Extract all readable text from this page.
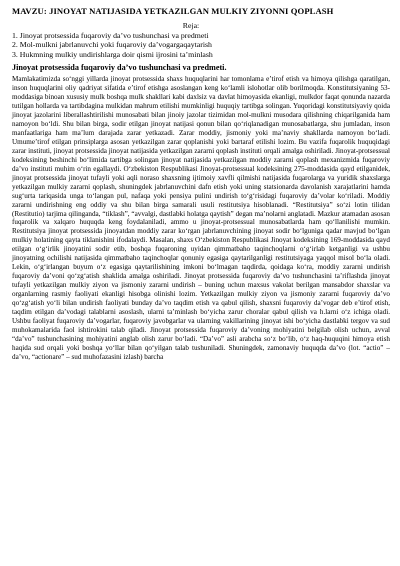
MAVZU: JINOYAT NATIJASIDA YETKAZILGAN MULKIY ZIYONNI QOPLASH
Reja:
1. Jinoyat protsessida fuqaroviy da’vo tushunchasi va predmeti
2. Mol-mulkni jabrlanuvchi yoki fuqaroviy da’vogargaqaytarish
3. Hukmning mulkiy undirishlarga doir qismi ijrosini ta’minlash
Jinoyat protsessida fuqaroviy da’vo tushunchasi va predmeti.

Mamlakatimizda so‘nggi yillarda jinoyat protsessida shaxs huquqlarini har tomonlama e’tirof etish va himoya qilishga qaratilgan, inson huquqlarini oliy qadriyat sifatida e’tirof etishga asoslangan keng ko‘lamli islohotlar olib borilmoqda. Konstitutsiyaning 53-moddasiga binoan xususiy mulk boshqa mulk shakllari kabi daxlsiz va davlat himoyasida ekanligi, mulkdor faqat qonunda nazarda tutilgan hollarda va tartibdagina mulkidan mahrum etilishi mumkinligi huquqiy tartibga solingan. Yuqoridagi konstitutsiyaviy qoida jinoyat jazolarini liberallashtirilishi munosabati bilan jinoiy jazolar tizimidan mol-mulkni musodara qilishning chiqarilganida ham namoyon bo‘ldi. Shu bilan birga, sodir etilgan jinoyat natijasi qonun bilan qo‘riqlanadigan munosabatlarga, shu jumladan, inson manfaatlariga ham ma’lum darajada zarar yetkazadi. Zarar moddiy, jismoniy yoki ma’naviy shakllarda namoyon bo‘ladi. Umume’tirof etilgan prinsiplarga asosan yetkazilgan zarar qoplanishi yoki bartaraf etilishi lozim. Bu vazifa fuqarolik huquqidagi zarar instituti, jinoyat protsessida jinoyat natijasida yetkazilgan zararni qoplash instituti orqali amalga oshiriladi. Jinoyat-protsessual kodeksining beshinchi bo‘limida tartibga solingan jinoyat natijasida yetkazilgan moddiy zararni qoplash mexanizmida fuqaroviy da’vo instituti muhim o‘rin egallaydi. O‘zbekiston Respublikasi Jinoyat-protsessual kodeksining 275-moddasida qayd etilganidek, jinoyat protsessida jinoyat tufayli yoki aqli noraso shaxsning ijtimoiy xavfli qilmishi natijasida fuqarolarga va yuridik shaxslarga yetkazilgan mulkiy zararni qoplash, shuningdek jabrlanuvchini dafn etish yoki uning statsionarda davolanish xarajatlarini hamda sug‘urta tariqasida unga to‘langan pul, nafaqa yoki pensiya pulini undirish to‘g‘risidagi fuqaroviy da’volar ko‘riladi. Moddiy zararni undirishning eng oddiy va shu bilan birga samarali usuli restitutsiya hisoblanadi. “Restitutsiya” so‘zi lotin tilidan (Restitutio) tarjima qilinganda, “tiklash”, “avvalgi, dastlabki holatga qaytish” degan ma’nolarni anglatadi. Mazkur atamadan asosan fuqarolik va xalqaro huquqda keng foydalaniladi, ammo u jinoyat-protsessual munosabatlarda ham qo‘llanilishi mumkin. Restitutsiya jinoyat protsessida jinoyatdan moddiy zarar ko‘rgan jabrlanuvchining jinoyat sodir bo‘lguniga qadar mavjud bo‘lgan mulkiy holatining qayta tiklanishini ifodalaydi. Masalan, shaxs O‘zbekiston Respublikasi Jinoyat kodeksining 169-moddasida qayd etilgan o‘g‘irlik jinoyatini sodir etib, boshqa fuqaroning uyidan qimmatbaho taqinchoqlarni o‘g‘irlab ketganligi va ushbu jinoyatning ochilishi natijasida qimmatbaho taqinchoqlar qonuniy egasiga qaytarilganligi restitutsiyaga yaqqol misol bo‘la oladi. Lekin, o‘g‘irlangan buyum o‘z egasiga qaytarilishining imkoni bo‘lmagan taqdirda, qoidaga ko‘ra, moddiy zararni undirish fuqaroviy da’voni qo‘zg‘atish shaklida amalga oshiriladi. Jinoyat protsessida fuqaroviy da’vo tushunchasini ta’riflashda jinoyat tufayli yetkazilgan mulkiy ziyon va jismoniy zararni undirish – buning uchun maxsus vakolat berilgan mansabdor shaxslar va organlarning rasmiy faoliyati ekanligi hisobga olinishi lozim. Yetkazilgan mulkiy ziyon va jismoniy zararni fuqaroviy da’vo qo‘zg‘atish yo‘li bilan undirish faoliyati bunday da’vo taqdim etish va qabul qilish, shaxsni fuqaroviy da’vogar deb e’tirof etish, taqdim etilgan da’vodagi talablarni asoslash, ularni ta’minlash bo‘yicha zarur choralar qabul qilish va h.larni o‘z ichiga oladi. Ushbu faoliyat fuqaroviy da’vogarlar, fuqaroviy javobgarlar va ularning vakillarining jinoyat ishi bo‘yicha dastlabki tergov va sud muhokamalarida faol ishtirokini talab qiladi. Jinoyat protsessida fuqaroviy da’voning mohiyatini belgilab olish uchun, avval “da’vo” tushunchasining mohiyatini anglab olish zarur bo‘ladi. “Da’vo” asli arabcha so‘z bo‘lib, o‘z haq-huquqini himoya etish haqida sud orqali yoki boshqa yo‘llar bilan qo‘yilgan talab tushuniladi. Shuningdek, zamonaviy huquqda da’vo (lot. “actio” – da’vo, “actionare” – sud muhofazasini izlash) barcha
